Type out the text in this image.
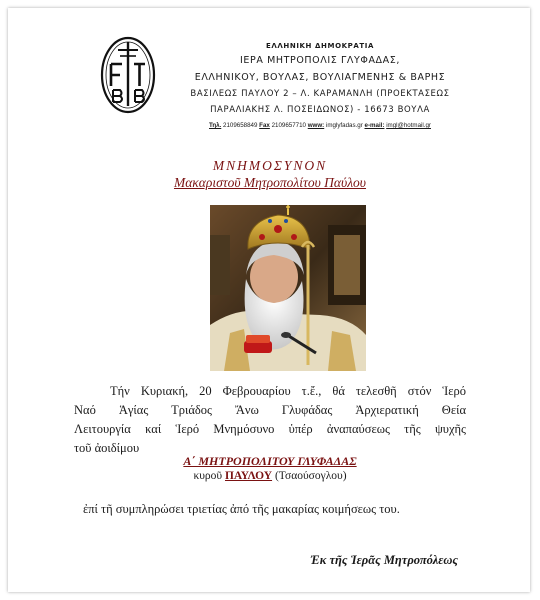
ΕΛΛΗΝΙΚΗ ΔΗΜΟΚΡΑΤΙΑ
ΙΕΡΑ ΜΗΤΡΟΠΟΛΙΣ ΓΛΥΦΑΔΑΣ,
ΕΛΛΗΝΙΚΟΥ, ΒΟΥΛΑΣ, ΒΟΥΛΙΑΓΜΕΝΗΣ & ΒΑΡΗΣ
ΒΑΣΙΛΕΩΣ ΠΑΥΛΟΥ 2 – Λ. ΚΑΡΑΜΑΝΛΗ (ΠΡΟΕΚΤΑΣΕΩΣ
ΠΑΡΑΛΙΑΚΗΣ Λ. ΠΟΣΕΙΔΩΝΟΣ) - 16673 ΒΟΥΛΑ
Τηλ. 2109658849 Fax 2109657710 www: imglyfadas.gr e-mail: imgl@hotmail.gr
ΜΝΗΜΟΣΥΝΟΝ
Μακαριστοῦ Μητροπολίτου Παύλου
Τήν Κυριακή, 20 Φεβρουαρίου τ.ἔ., θά τελεσθῆ στόν Ἱερό
Ναό Ἁγίας Τριάδος Ἄνω Γλυφάδας Ἀρχιερατική Θεία
Λειτουργία καί Ἱερό Μνημόσυνο ὑπέρ ἀναπαύσεως τῆς ψυχῆς
τοῦ ἀοιδίμου
Α΄ ΜΗΤΡΟΠΟΛΙΤΟΥ ΓΛΥΦΑΔΑΣ
κυροῦ ΠΑΥΛΟΥ (Τσαούσογλου)
ἐπί τῆ συμπληρώσει τριετίας ἀπό τῆς μακαρίας κοιμήσεως του.
Ἐκ τῆς Ἱερᾶς Μητροπόλεως
